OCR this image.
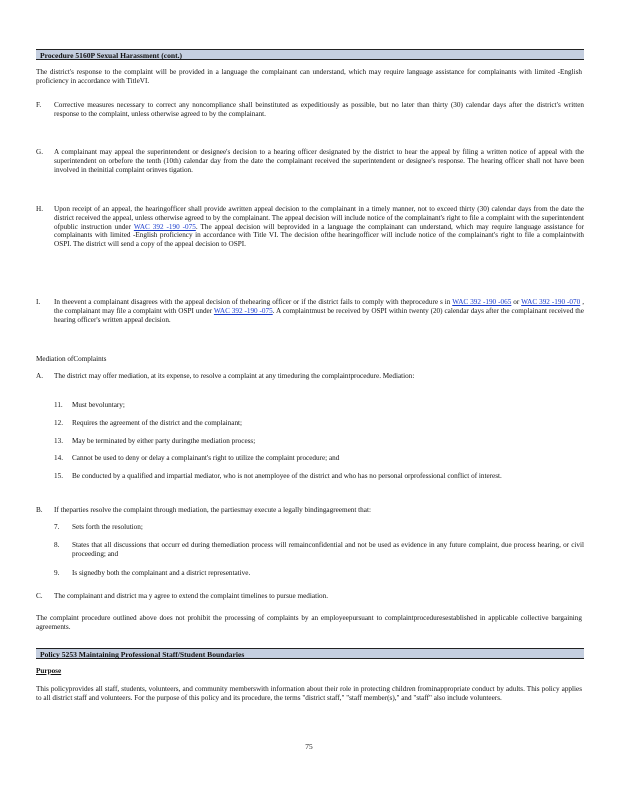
Procedure 5160P Sexual Harassment (cont.)
The district's response to the complaint will be provided in a language the complainant can understand, which may require language assistance for complainants with limited -English proficiency in accordance with TitleVI.
F.	Corrective measures necessary to correct any noncompliance shall beinstituted as expeditiously as possible, but no later than thirty (30) calendar days after the district's written response to the complaint, unless otherwise agreed to by the complainant.
G.	A complainant may appeal the superintendent or designee's decision to a hearing officer designated by the district to hear the appeal by filing a written notice of appeal with the superintendent on orbefore the tenth (10th) calendar day from the date the complainant received the superintendent or designee's response. The hearing officer shall not have been involved in theinitial complaint orinves tigation.
H.	Upon receipt of an appeal, the hearingofficer shall provide awritten appeal decision to the complainant in a timely manner, not to exceed thirty (30) calendar days from the date the district received the appeal, unless otherwise agreed to by the complainant. The appeal decision will include notice of the complainant's right to file a complaint with the superintendent ofpublic instruction under WAC 392 -190 -075. The appeal decision will beprovided in a language the complainant can understand, which may require language assistance for complainants with limited -English proficiency in accordance with Title VI. The decision ofthe hearingofficer will include notice of the complainant's right to file a complaintwith OSPI. The district will send a copy of the appeal decision to OSPI.
I.	In theevent a complainant disagrees with the appeal decision of thehearing officer or if the district fails to comply with theprocedure s in WAC 392 -190 -065 or WAC 392 -190 -070 , the complainant may file a complaint with OSPI under WAC 392 -190 -075. A complaintmust be received by OSPI within twenty (20) calendar days after the complainant received the hearing officer's written appeal decision.
Mediation ofComplaints
A.	The district may offer mediation, at its expense, to resolve a complaint at any timeduring the complaintprocedure. Mediation:
11.	Must bevoluntary;
12.	Requires the agreement of the district and the complainant;
13.	May be terminated by either party duringthe mediation process;
14.	Cannot be used to deny or delay a complainant's right to utilize the complaint procedure; and
15.	Be conducted by a qualified and impartial mediator, who is not anemployee of the district and who has no personal orprofessional conflict of interest.
B.	If theparties resolve the complaint through mediation, the partiesmay execute a legally bindingagreement that:
7.	Sets forth the resolution;
8.	States that all discussions that occurr ed during themediation process will remainconfidential and not be used as evidence in any future complaint, due process hearing, or civil proceeding; and
9.	Is signedby both the complainant and a district representative.
C.	The complainant and district ma y agree to extend the complaint timelines to pursue mediation.
The complaint procedure outlined above does not prohibit the processing of complaints by an employeepursuant to complaintproceduresestablished in applicable collective bargaining agreements.
Policy 5253 Maintaining Professional Staff/Student Boundaries
Purpose
This policyprovides all staff, students, volunteers, and community memberswith information about their role in protecting children frominappropriate conduct by adults. This policy applies to all district staff and volunteers. For the purpose of this policy and its procedure, the terms "district staff," "staff member(s)," and "staff" also include volunteers.
75
